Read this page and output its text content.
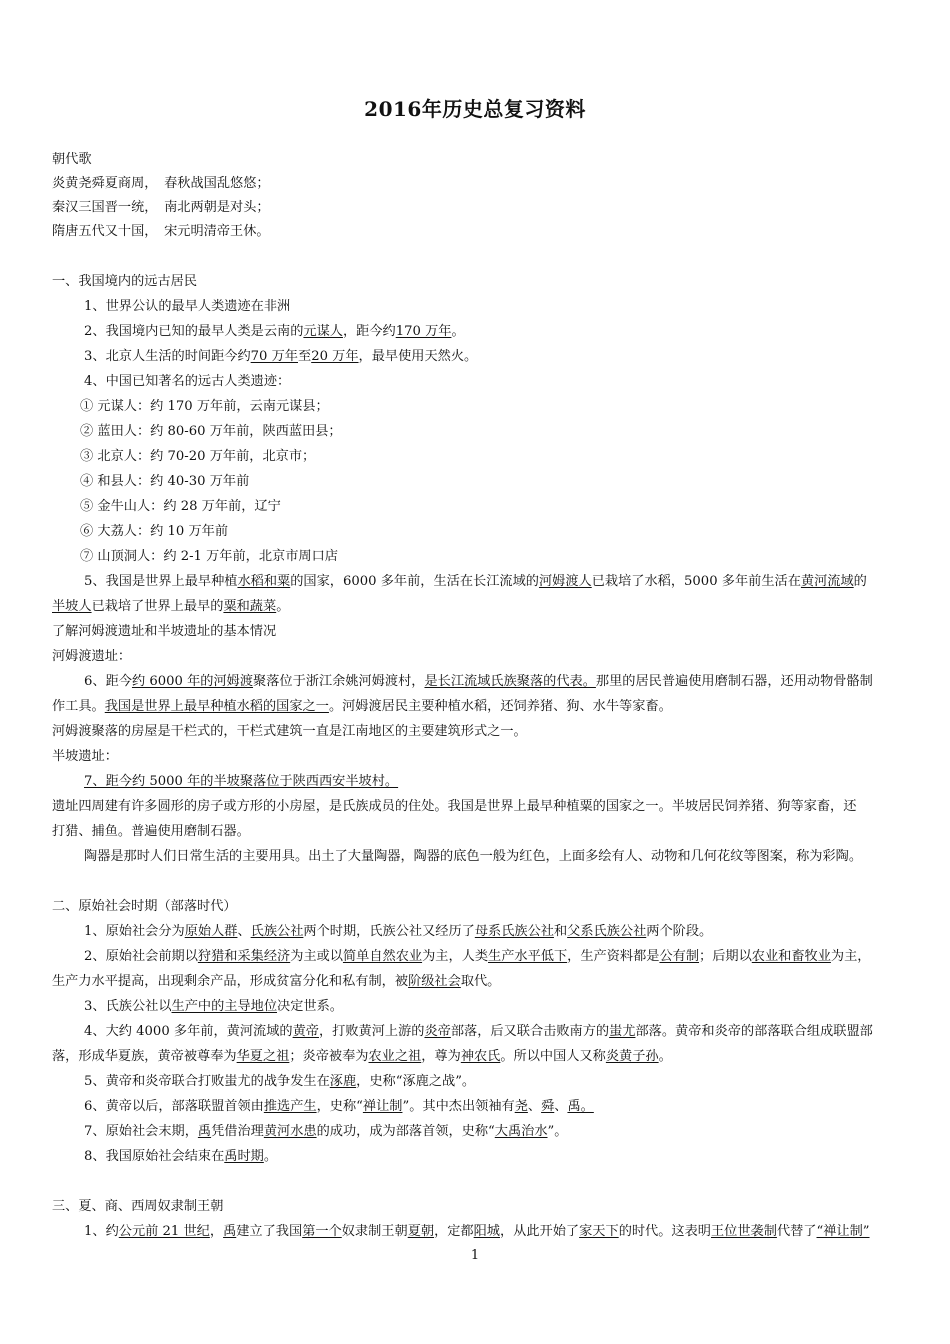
2016年历史总复习资料
朝代歌
炎黄尧舜夏商周，　春秋战国乱悠悠；
秦汉三国晋一统，　南北两朝是对头；
隋唐五代又十国，　宋元明清帝王休。
一、我国境内的远古居民
1、世界公认的最早人类遗迹在非洲
2、我国境内已知的最早人类是云南的元谋人，距今约170 万年。
3、北京人生活的时间距今约70 万年至20 万年，最早使用天然火。
4、中国已知著名的远古人类遗迹：
① 元谋人：约 170 万年前，云南元谋县；
② 蓝田人：约 80-60 万年前，陕西蓝田县；
③ 北京人：约 70-20 万年前，北京市；
④ 和县人：约 40-30 万年前
⑤ 金牛山人：约 28 万年前，辽宁
⑥ 大荔人：约 10 万年前
⑦ 山顶洞人：约 2-1 万年前，北京市周口店
5、我国是世界上最早种植水稻和粟的国家，6000 多年前，生活在长江流域的河姆渡人已栽培了水稻，5000 多年前生活在黄河流域的
半坡人已栽培了世界上最早的粟和蔬菜。
了解河姆渡遗址和半坡遗址的基本情况
河姆渡遗址：
6、距今约 6000 年的河姆渡聚落位于浙江余姚河姆渡村，是长江流域氏族聚落的代表。那里的居民普遍使用磨制石器，还用动物骨骼制
作工具。我国是世界上最早种植水稻的国家之一。河姆渡居民主要种植水稻，还饲养猪、狗、水牛等家畜。
河姆渡聚落的房屋是干栏式的，干栏式建筑一直是江南地区的主要建筑形式之一。
半坡遗址：
7、距今约 5000 年的半坡聚落位于陕西西安半坡村。
遗址四周建有许多圆形的房子或方形的小房屋，是氏族成员的住处。我国是世界上最早种植粟的国家之一。半坡居民饲养猪、狗等家畜，还
打猎、捕鱼。普遍使用磨制石器。
陶器是那时人们日常生活的主要用具。出土了大量陶器，陶器的底色一般为红色，上面多绘有人、动物和几何花纹等图案，称为彩陶。
二、原始社会时期（部落时代）
1、原始社会分为原始人群、氏族公社两个时期，氏族公社又经历了母系氏族公社和父系氏族公社两个阶段。
2、原始社会前期以狩猎和采集经济为主或以简单自然农业为主，人类生产水平低下，生产资料都是公有制；后期以农业和畜牧业为主，
生产力水平提高，出现剩余产品，形成贫富分化和私有制，被阶级社会取代。
3、氏族公社以生产中的主导地位决定世系。
4、大约 4000 多年前，黄河流域的黄帝，打败黄河上游的炎帝部落，后又联合击败南方的蚩尤部落。黄帝和炎帝的部落联合组成联盟部
落，形成华夏族，黄帝被尊奉为华夏之祖；炎帝被奉为农业之祖，尊为神农氏。所以中国人又称炎黄子孙。
5、黄帝和炎帝联合打败蚩尤的战争发生在涿鹿，史称“涿鹿之战”。
6、黄帝以后，部落联盟首领由推选产生，史称“禅让制”。其中杰出领袖有尧、舜、禹。
7、原始社会末期，禹凭借治理黄河水患的成功，成为部落首领，史称“大禹治水”。
8、我国原始社会结束在禹时期。
三、夏、商、西周奴隶制王朝
1、约公元前 21 世纪，禹建立了我国第一个奴隶制王朝夏朝，定都阳城，从此开始了家天下的时代。这表明王位世袭制代替了“禅让制”
1
